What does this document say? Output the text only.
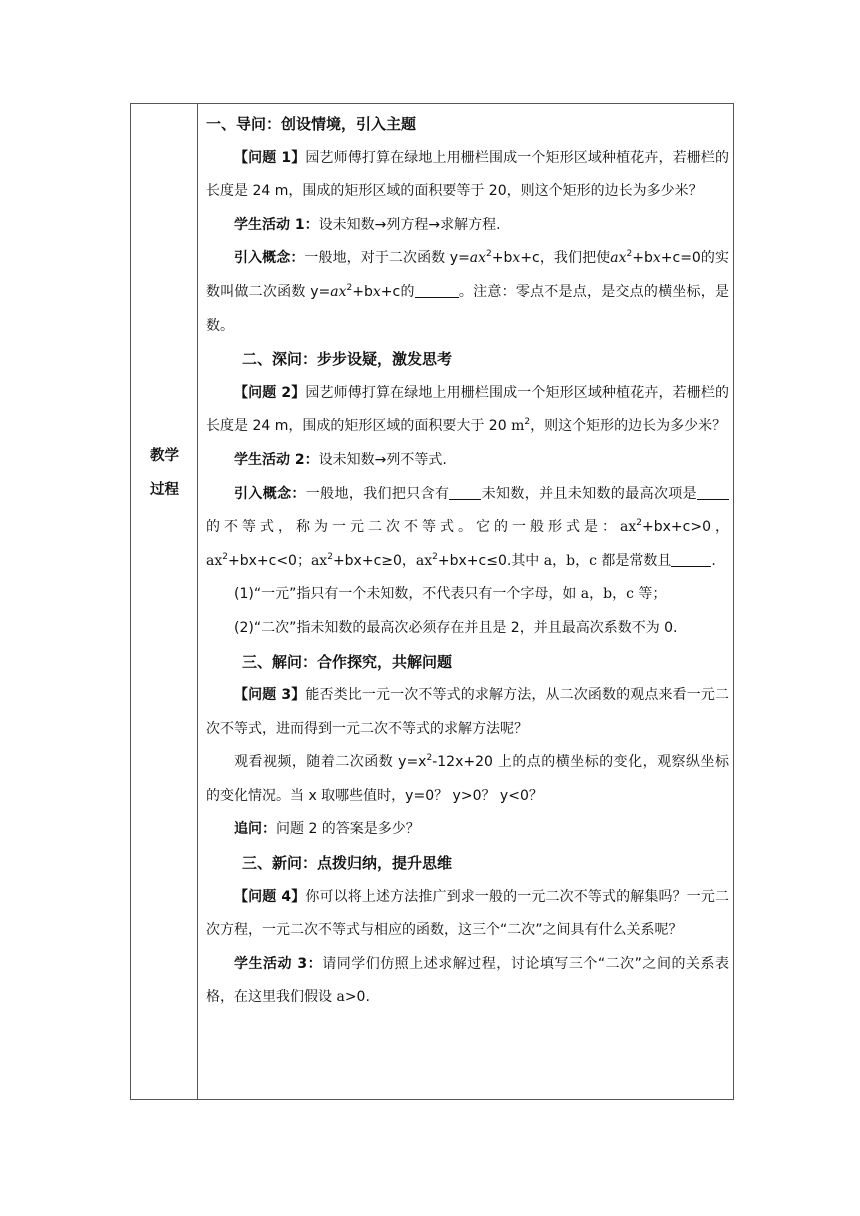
教学
过程

一、导问：创设情境，引入主题

【问题 1】园艺师傅打算在绿地上用栅栏围成一个矩形区域种植花卉，若栅栏的长度是 24 m，围成的矩形区域的面积要等于 20，则这个矩形的边长为多少米？

学生活动 1：设未知数→列方程→求解方程.

引入概念：一般地，对于二次函数 $y=ax^2+bx+c$，我们把使$ax^2+bx+c=0$的实数叫做二次函数 $y=ax^2+bx+c$的	。注意：零点不是点，是交点的横坐标，是数。

二、深问：步步设疑，激发思考

【问题 2】园艺师傅打算在绿地上用栅栏围成一个矩形区域种植花卉，若栅栏的长度是 24 m，围成的矩形区域的面积要大于 20 $m^2$，则这个矩形的边长为多少米？

学生活动 2：设未知数→列不等式.

引入概念：一般地，我们把只含有 未知数，并且未知数的最高次项是的不等式，称为一元二次不等式。它的一般形式是：$ax^2+bx+c>0$，$ax^2+bx+c<0$；$ax^2+bx+c\ge 0$，$ax^2+bx+c\le 0$.其中 a，b，c 都是常数且	.

(1)“一元”指只有一个未知数，不代表只有一个字母，如 a，b，c 等；

(2)“二次”指未知数的最高次必须存在并且是 2，并且最高次系数不为 0.

三、解问：合作探究，共解问题

【问题 3】能否类比一元一次不等式的求解方法，从二次函数的观点来看一元二次不等式，进而得到一元二次不等式的求解方法呢？

观看视频，随着二次函数 $y=x^2-12x+20$ 上的点的横坐标的变化，观察纵坐标的变化情况。当 x 取哪些值时，y=0？ y>0？ y<0？

追问：问题 2 的答案是多少？

三、新问：点拨归纳，提升思维

【问题 4】你可以将上述方法推广到求一般的一元二次不等式的解集吗？一元二次方程，一元二次不等式与相应的函数，这三个“二次”之间具有什么关系呢？

学生活动 3：请同学们仿照上述求解过程，讨论填写三个“二次”之间的关系表格，在这里我们假设 a>0.
